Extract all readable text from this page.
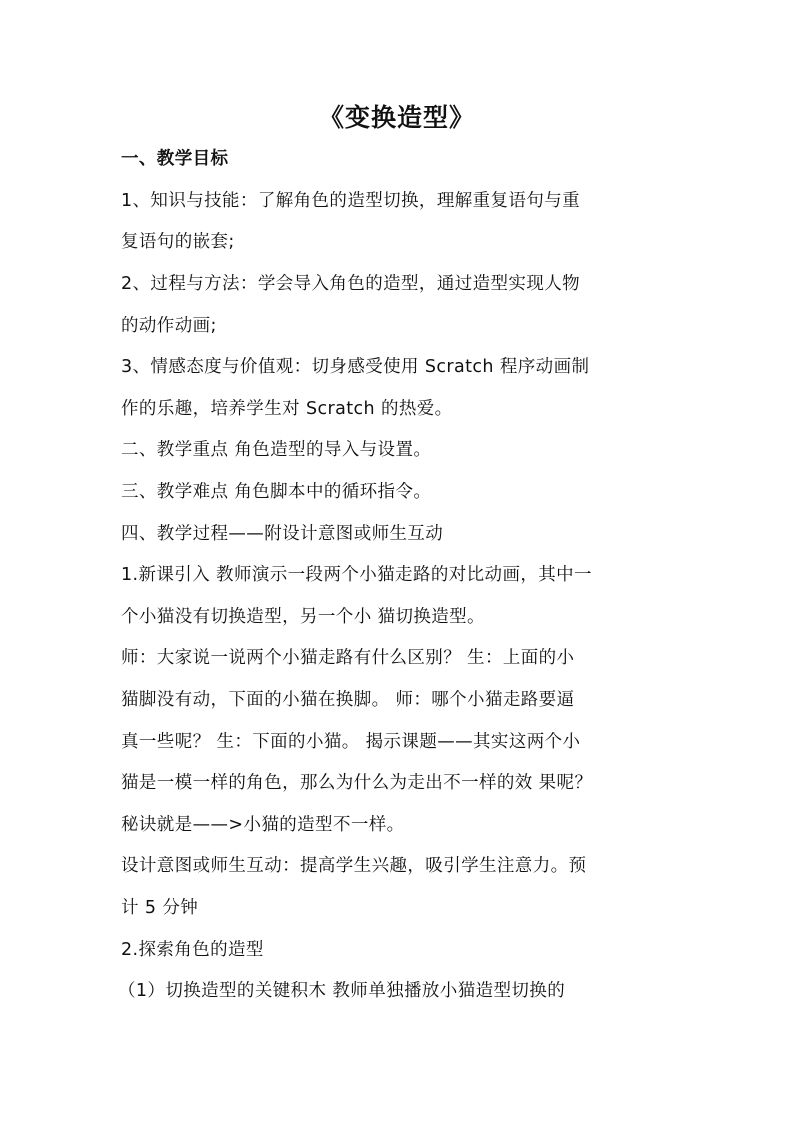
《变换造型》
一、教学目标
1、知识与技能：了解角色的造型切换，理解重复语句与重
复语句的嵌套;
2、过程与方法：学会导入角色的造型，通过造型实现人物
的动作动画;
3、情感态度与价值观：切身感受使用 Scratch 程序动画制
作的乐趣，培养学生对 Scratch 的热爱。
二、教学重点 角色造型的导入与设置。
三、教学难点 角色脚本中的循环指令。
四、教学过程——附设计意图或师生互动
1.新课引入 教师演示一段两个小猫走路的对比动画，其中一
个小猫没有切换造型，另一个小 猫切换造型。
师：大家说一说两个小猫走路有什么区别？ 生：上面的小
猫脚没有动，下面的小猫在换脚。 师：哪个小猫走路要逼
真一些呢？ 生：下面的小猫。 揭示课题——其实这两个小
猫是一模一样的角色，那么为什么为走出不一样的效 果呢？
秘诀就是——>小猫的造型不一样。
设计意图或师生互动：提高学生兴趣，吸引学生注意力。预
计 5 分钟
2.探索角色的造型
（1）切换造型的关键积木 教师单独播放小猫造型切换的
